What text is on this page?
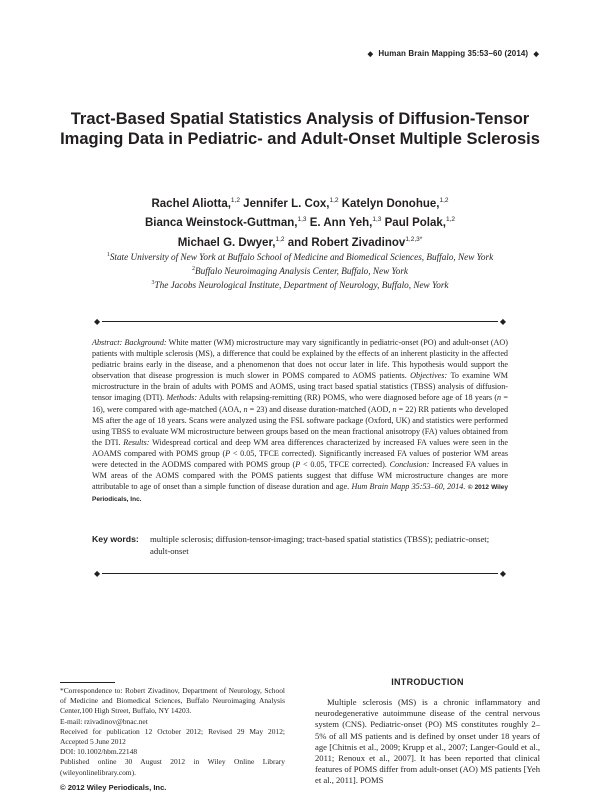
◆ Human Brain Mapping 35:53–60 (2014) ◆
Tract-Based Spatial Statistics Analysis of Diffusion-Tensor Imaging Data in Pediatric- and Adult-Onset Multiple Sclerosis
Rachel Aliotta,$^{1,2}$ Jennifer L. Cox,$^{1,2}$ Katelyn Donohue,$^{1,2}$
Bianca Weinstock-Guttman,$^{1,3}$ E. Ann Yeh,$^{1,3}$ Paul Polak,$^{1,2}$
Michael G. Dwyer,$^{1,2}$ and Robert Zivadinov$^{1,2,3*}$
$^1$State University of New York at Buffalo School of Medicine and Biomedical Sciences, Buffalo, New York
$^2$Buffalo Neuroimaging Analysis Center, Buffalo, New York
$^3$The Jacobs Neurological Institute, Department of Neurology, Buffalo, New York
◆	◆
Abstract: Background: White matter (WM) microstructure may vary significantly in pediatric-onset (PO) and adult-onset (AO) patients with multiple sclerosis (MS), a difference that could be explained by the effects of an inherent plasticity in the affected pediatric brains early in the disease, and a phenomenon that does not occur later in life. This hypothesis would support the observation that disease progression is much slower in POMS compared to AOMS patients. Objectives: To examine WM microstructure in the brain of adults with POMS and AOMS, using tract based spatial statistics (TBSS) analysis of diffusion-tensor imaging (DTI). Methods: Adults with relapsing-remitting (RR) POMS, who were diagnosed before age of 18 years (n = 16), were compared with age-matched (AOA, n = 23) and disease duration-matched (AOD, n = 22) RR patients who developed MS after the age of 18 years. Scans were analyzed using the FSL software package (Oxford, UK) and statistics were performed using TBSS to evaluate WM microstructure between groups based on the mean fractional anisotropy (FA) values obtained from the DTI. Results: Widespread cortical and deep WM area differences characterized by increased FA values were seen in the AOAMS compared with POMS group (P < 0.05, TFCE corrected). Significantly increased FA values of posterior WM areas were detected in the AODMS compared with POMS group (P < 0.05, TFCE corrected). Conclusion: Increased FA values in WM areas of the AOMS compared with the POMS patients suggest that diffuse WM microstructure changes are more attributable to age of onset than a simple function of disease duration and age. Hum Brain Mapp 35:53–60, 2014. © 2012 Wiley Periodicals, Inc.
Key words:	multiple sclerosis; diffusion-tensor-imaging; tract-based spatial statistics (TBSS); pediatric-onset; adult-onset
◆	◆

*Correspondence to: Robert Zivadinov, Department of Neurology, School of Medicine and Biomedical Sciences, Buffalo Neuroimaging Analysis Center,100 High Street, Buffalo, NY 14203.

E-mail: rzivadinov@bnac.net

Received for publication 12 October 2012; Revised 29 May 2012; Accepted 5 June 2012

DOI: 10.1002/hbm.22148

Published online 30 August 2012 in Wiley Online Library (wileyonlinelibrary.com).

© 2012 Wiley Periodicals, Inc.
INTRODUCTION

Multiple sclerosis (MS) is a chronic inflammatory and neurodegenerative autoimmune disease of the central nervous system (CNS). Pediatric-onset (PO) MS constitutes roughly 2–5% of all MS patients and is defined by onset under 18 years of age [Chitnis et al., 2009; Krupp et al., 2007; Langer-Gould et al., 2011; Renoux et al., 2007]. It has been reported that clinical features of POMS differ from adult-onset (AO) MS patients [Yeh et al., 2011]. POMS
